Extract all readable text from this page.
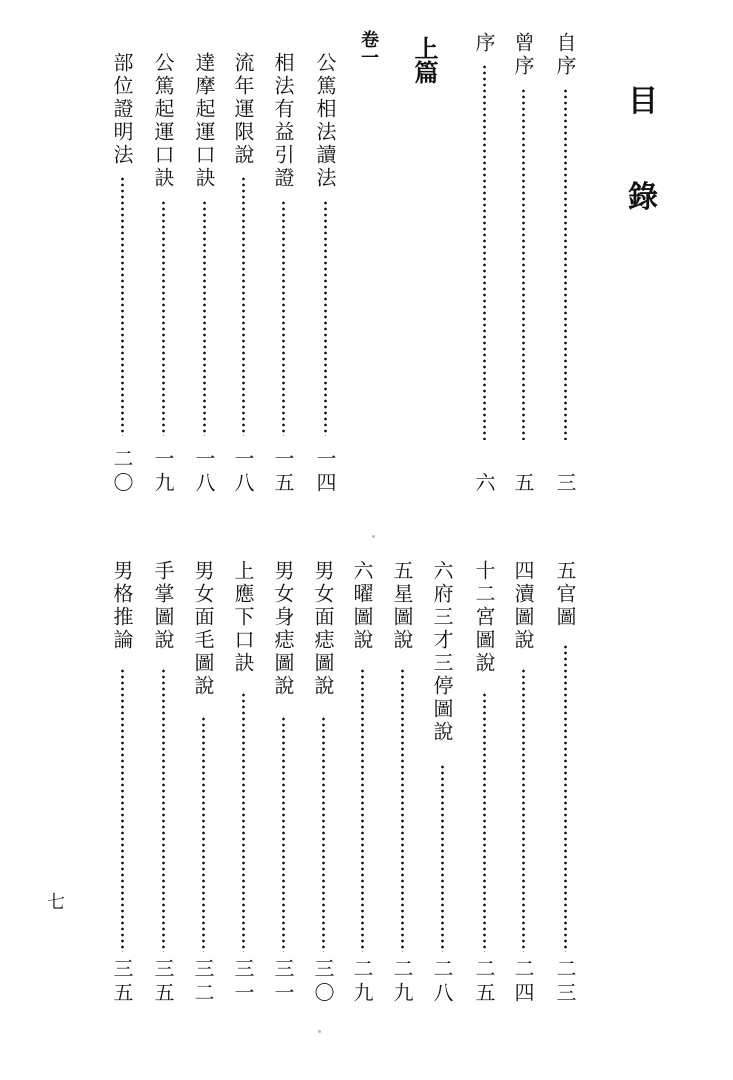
目
錄
自序
三
曾序
五
序
六
上篇
卷一
公篤相法讀法
一四
相法有益引證
一五
流年運限說
一八
達摩起運口訣
一八
公篤起運口訣
一九
部位證明法
二〇
五官圖
二三
四瀆圖說
二四
十二宮圖說
二五
六府三才三停圖說
二八
五星圖說
二九
六曜圖說
二九
男女面痣圖說
三〇
男女身痣圖說
三一
上應下口訣
三一
男女面毛圖說
三二
手掌圖說
三五
男格推論
三五
七
